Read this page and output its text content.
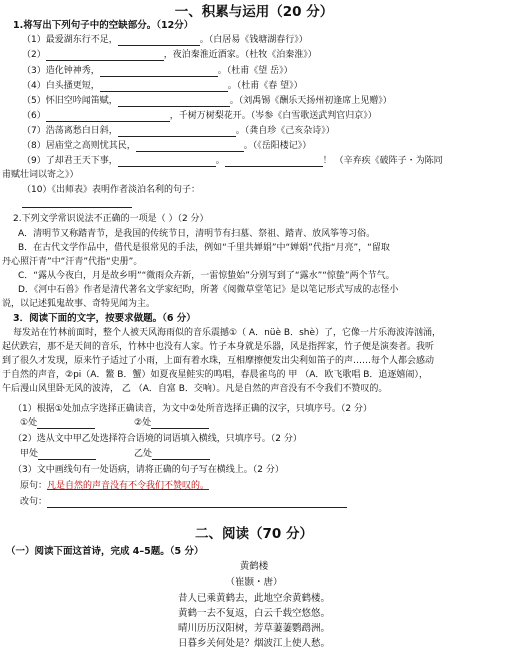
一、积累与运用（20 分）
1.将写出下列句子中的空缺部分。（12分）
（1）最爱湖东行不足，	。（白居易《钱塘湖春行》）
（2）	，夜泊秦淮近酒家。（杜牧《泊秦淮》）
（3）造化钟神秀，	。（杜甫《望 岳》）
（4）白头搔更短，	。（杜甫《春 望》）
（5）怀旧空吟闻笛赋，	。（刘禹锡《酬乐天扬州初逢席上见赠》）
（6）	，千树万树梨花开。（岑参《白雪歌送武判官归京》）
（7）浩荡离愁白日斜，	。（龚自珍《己亥杂诗》）
（8）居庙堂之高则忧其民，	。（《岳阳楼记》）
（9）了却君王天下事，	。	！ （辛弃疾《破阵子・为陈同
甫赋壮词以寄之》）
（10）《出师表》表明作者淡泊名利的句子：
2.下列文学常识说法不正确的一项是（ ）（2 分）
A．清明节又称踏青节，是我国的传统节日，清明节有扫墓、祭祖、踏青、放风筝等习俗。
B．在古代文学作品中，借代是很常见的手法，例如“千里共婵娟”中“婵娟”代指“月亮”，“留取
丹心照汗青”中“汗青”代指“史册”。
C．“露从今夜白，月是故乡明”“微雨众卉新，一雷惊蛰始”分别写到了“露水”“惊蛰”两个节气。
D．《河中石兽》作者是清代著名文学家纪昀，所著《阅微草堂笔记》是以笔记形式写成的志怪小
说，以记述狐鬼故事、奇特见闻为主。
3．阅读下面的文字，按要求做题。（6 分）
每发站在竹林前面时，整个人被天风海雨似的音乐震撼①（ A．nüè B．shè）了，它像一片乐海波涛汹涌，
起伏跌宕，那不是天间的音乐，竹林中也没有人家。竹子本身就是乐器，风是指挥家，竹子便是演奏者。我听
到了很久才发现，原来竹子适过了小雨，上面有着水珠，互相摩擦便发出尖利如笛子的声……每个人都会感动
于自然的声音，②pi（A．鳘 B．蟹）如夏夜星鲑实的鸣唱，春晨雀鸟的 甲 （A．欧飞歌唱 B．追逐嬉闹），
午后漫山风里卧无风的波涛， 乙 （A．自富 B．交响）。凡是自然的声音没有不令我们不赞叹的。
（1）根据①处加点字选择正确读音，为文中②处所音选择正确的汉字，只填序号。（2 分）
①处	②处
（2）选从文中甲乙处选择符合语境的词语填入横线，只填序号。（2 分）
甲处	乙处
（3）文中画线句有一处语病，请将正确的句子写在横线上。（2 分）
原句：凡是自然的声音没有不令我们不赞叹的。
改句：
二、阅读（70 分）
（一）阅读下面这首诗，完成 4–5题。（5 分）
黄鹤楼
（崔颢・唐）
昔人已乘黄鹤去，此地空余黄鹤楼。
黄鹤一去不复返，白云千载空悠悠。
晴川历历汉阳树，芳草萋萋鹦鹉洲。
日暮乡关何处是？烟波江上使人愁。
